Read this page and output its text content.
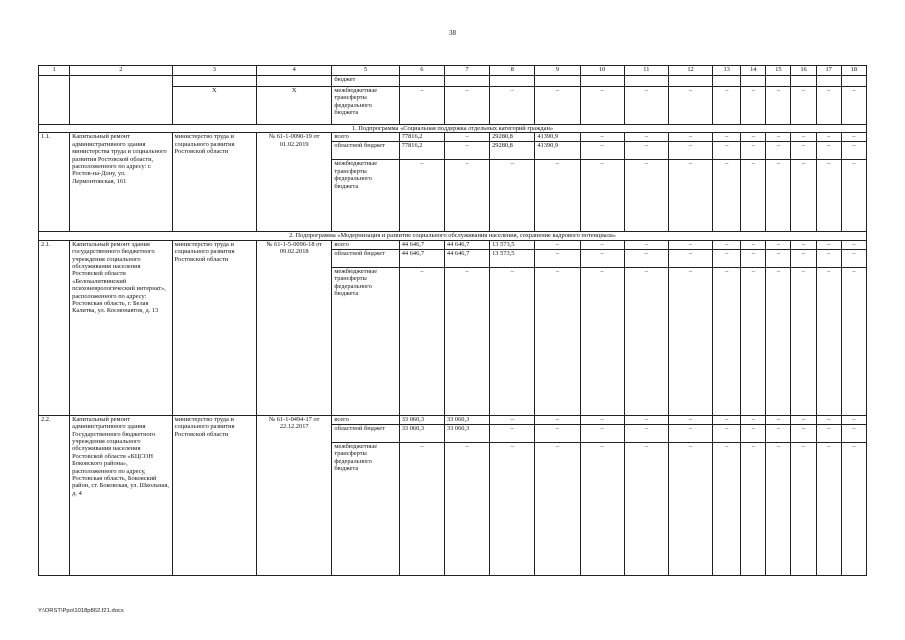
38
1	2	3	4	5	6	7	8	9	10	11	12	13	14	15	16	17	18
				бюджет													
		Х	Х	межбюджетные трансферты федерального бюджета	–	–	–	–	–	–	–	–	–	–	–	–	–
1. Подпрограмма «Социальная поддержка отдельных категорий граждан»																	
1.1.	Капитальный ремонт административного здания министерства труда и социального развития Ростовской области, расположенного по адресу: г. Ростов-на-Дону, ул. Лермонтовская, 161	министерство труда и социального развития Ростовской области	№ 61-1-0090-19 от 01.02.2019	всего	77816,2	–	29280,8	41390,9	–	–	–	–	–	–	–	–	–
				областной бюджет	77816,2	–	29280,8	41390,9	–	–	–	–	–	–	–	–	–
				межбюджетные трансферты федерального бюджета	–	–	–	–	–	–	–	–	–	–	–	–	–
2. Подпрограмма «Модернизация и развитие социального обслуживания населения, сохранение кадрового потенциала»																	
2.1.	Капитальный ремонт здания государственного бюджетного учреждения социального обслуживания населения Ростовской области «Белокалитвинский психоневрологический интернат», расположенного по адресу: Ростовская область, г. Белая Калитва, ул. Космонавтов, д. 13	министерство труда и социального развития Ростовской области	№ 61-1-5-0096-18 от 09.02.2018	всего	44 646,7	44 646,7	13 573,5	–	–	–	–	–	–	–	–	–	–
				областной бюджет	44 646,7	44 646,7	13 573,5	–	–	–	–	–	–	–	–	–	–
				межбюджетные трансферты федерального бюджета	–	–	–	–	–	–	–	–	–	–	–	–	–
2.2.	Капитальный ремонт административного здания Государственного бюджетного учреждения социального обслуживания населения Ростовской области «КЦСОН Боковского района», расположенного по адресу, Ростовская область, Боковский район, ст. Боковская, ул. Школьная, д. 4	министерство труда и социального развития Ростовской области	№ 61-1-0494-17 от 22.12.2017	всего	33 060,3	33 060,3	–	–	–	–	–	–	–	–	–	–	–
				областной бюджет	33 060,3	33 060,3	–	–	–	–	–	–	–	–	–	–	–
				межбюджетные трансферты федерального бюджета	–	–	–	–	–	–	–	–	–	–	–	–	–
Y:\ORST\Ppo\1018p862.f21.docx
